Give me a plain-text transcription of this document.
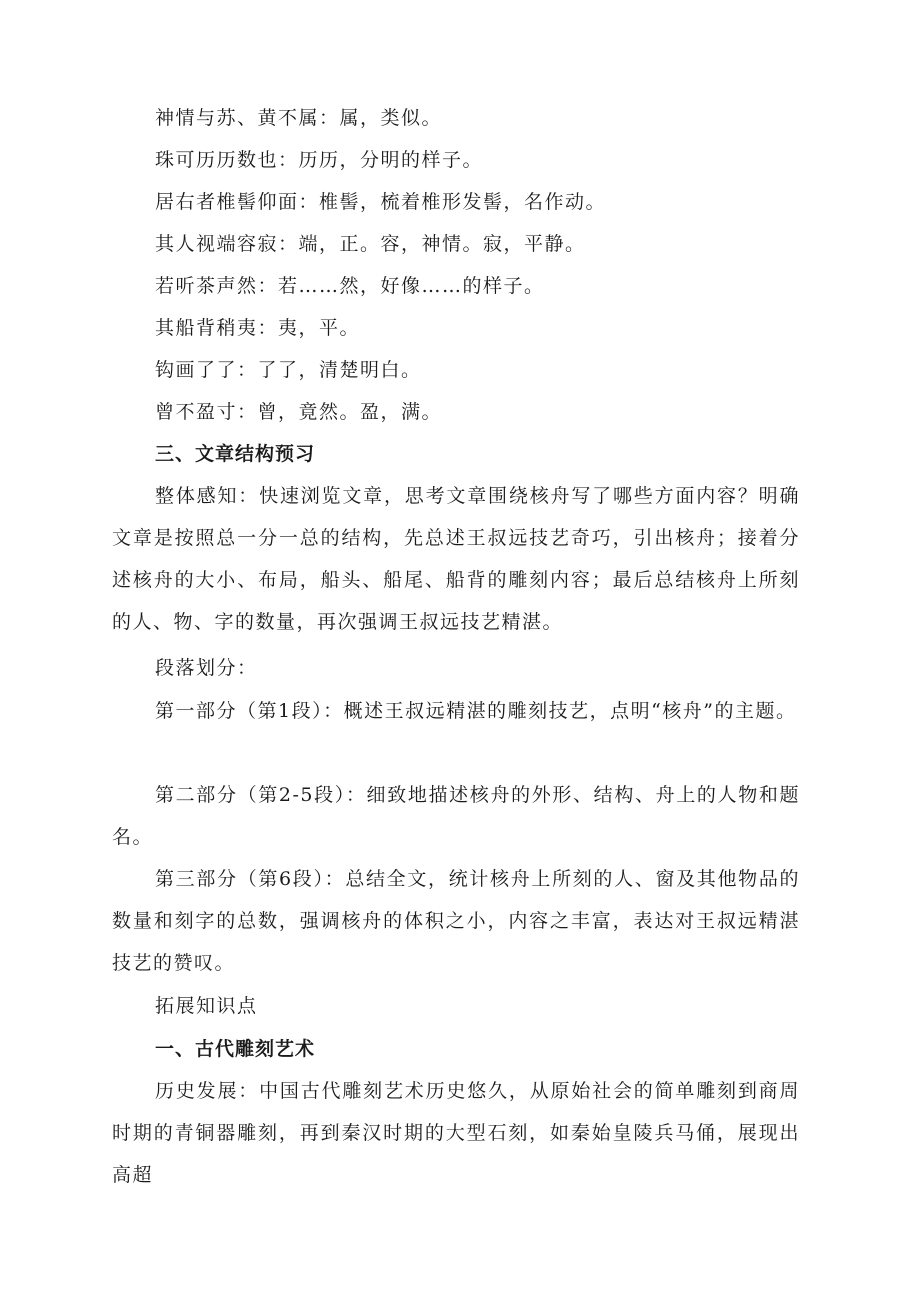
神情与苏、黄不属：属，类似。
珠可历历数也：历历，分明的样子。
居右者椎髻仰面：椎髻，梳着椎形发髻，名作动。
其人视端容寂：端，正。容，神情。寂，平静。
若听茶声然：若……然，好像……的样子。
其船背稍夷：夷，平。
钩画了了：了了，清楚明白。
曾不盈寸：曾，竟然。盈，满。
三、文章结构预习
整体感知：快速浏览文章，思考文章围绕核舟写了哪些方面内容？明确文章是按照总一分一总的结构，先总述王叔远技艺奇巧，引出核舟；接着分述核舟的大小、布局，船头、船尾、船背的雕刻内容；最后总结核舟上所刻的人、物、字的数量，再次强调王叔远技艺精湛。
段落划分：
第一部分（第1段）：概述王叔远精湛的雕刻技艺，点明“核舟”的主题。
第二部分（第2-5段）：细致地描述核舟的外形、结构、舟上的人物和题名。
第三部分（第6段）：总结全文，统计核舟上所刻的人、窗及其他物品的数量和刻字的总数，强调核舟的体积之小，内容之丰富，表达对王叔远精湛技艺的赞叹。
拓展知识点
一、古代雕刻艺术
历史发展：中国古代雕刻艺术历史悠久，从原始社会的简单雕刻到商周时期的青铜器雕刻，再到秦汉时期的大型石刻，如秦始皇陵兵马俑，展现出高超
